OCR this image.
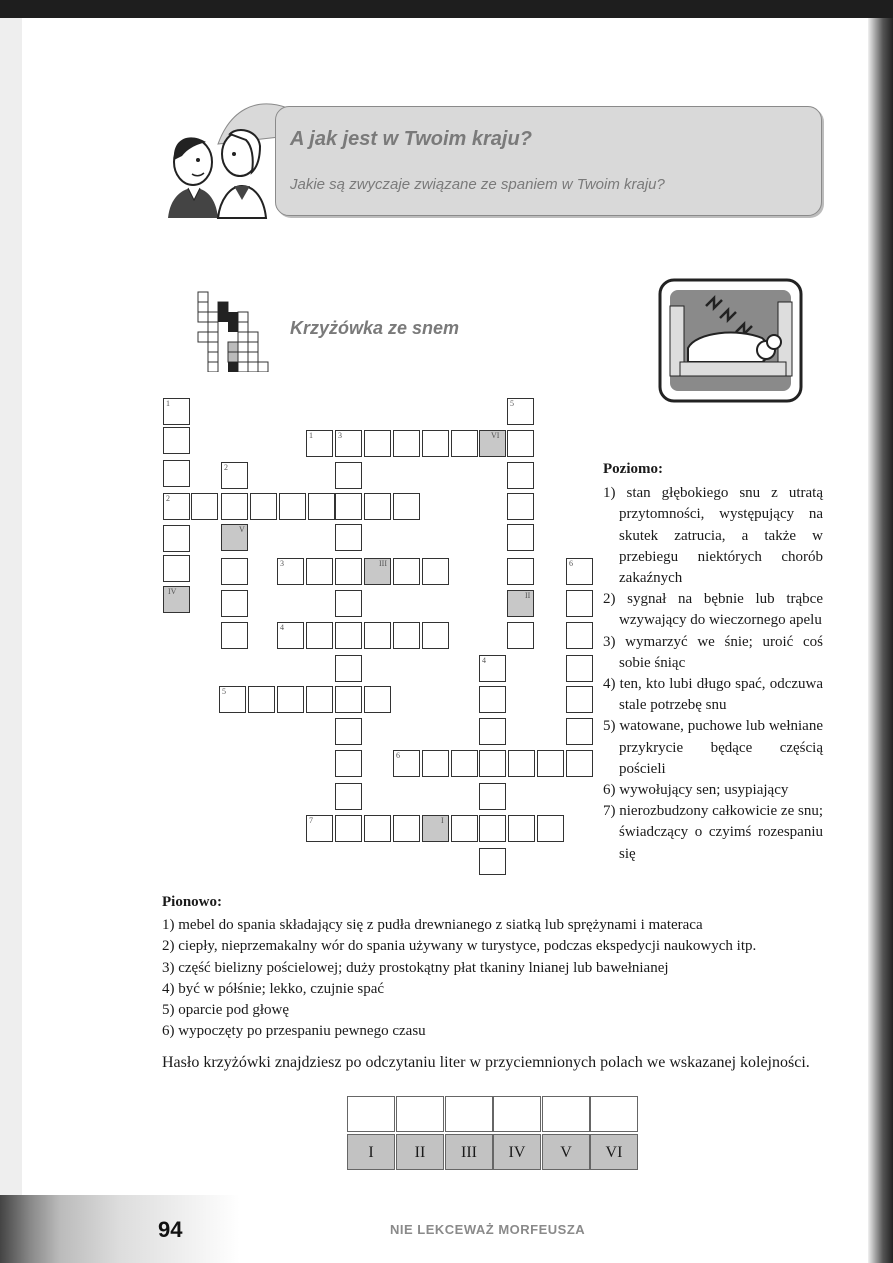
A jak jest w Twoim kraju?
Jakie są zwyczaje związane ze spaniem w Twoim kraju?
Krzyżówka ze snem
1
2
IV
2
V
1	3	VI
3	III
4
5
6
7	I
4
5
II
6
Poziomo:
1) stan głębokiego snu z utratą przytomności, występujący na skutek zatrucia, a także w przebiegu niektórych chorób zakaźnych
2) sygnał na bębnie lub trąbce wzywający do wieczornego apelu
3) wymarzyć we śnie; uroić coś sobie śniąc
4) ten, kto lubi długo spać, odczuwa stale potrzebę snu
5) watowane, puchowe lub wełniane przykrycie będące częścią pościeli
6) wywołujący sen; usypiający
7) nierozbudzony całkowicie ze snu; świadczący o czyimś rozespaniu się
Pionowo:
1) mebel do spania składający się z pudła drewnianego z siatką lub sprężynami i materaca
2) ciepły, nieprzemakalny wór do spania używany w turystyce, podczas ekspedycji naukowych itp.
3) część bielizny pościelowej; duży prostokątny płat tkaniny lnianej lub bawełnianej
4) być w półśnie; lekko, czujnie spać
5) oparcie pod głowę
6) wypoczęty po przespaniu pewnego czasu
Hasło krzyżówki znajdziesz po odczytaniu liter w przyciemnionych polach we wskazanej kolejności.
I	II	III	IV	V	VI
94	NIE LEKCEWAŻ MORFEUSZA
